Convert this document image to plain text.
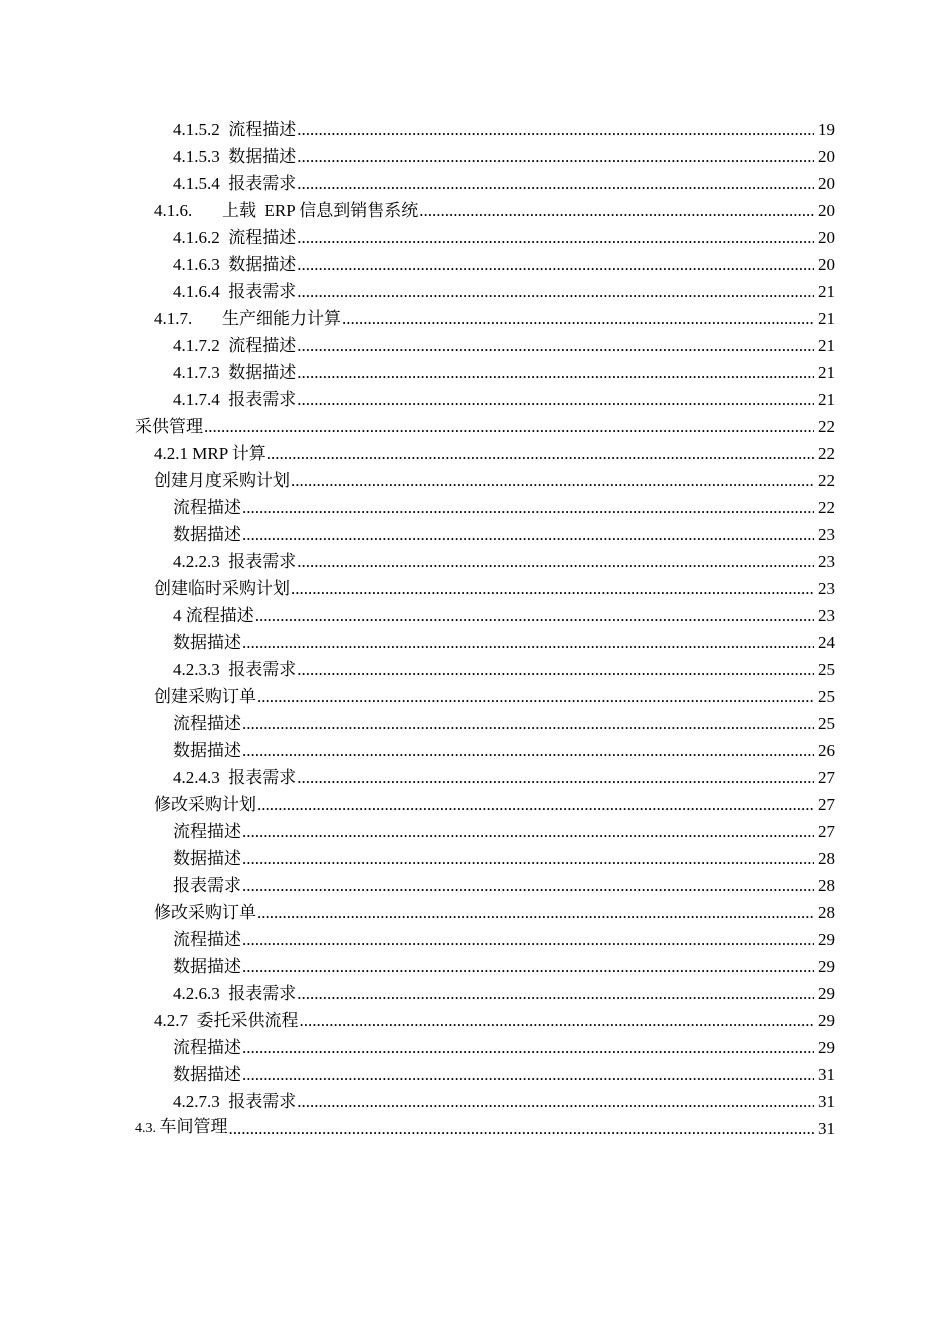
4.1.5.2  流程描述 .....	19
4.1.5.3  数据描述 .....	20
4.1.5.4  报表需求 .....	20
4.1.6.       上载  ERP 信息到销售系统 .....	20
4.1.6.2  流程描述 .....	20
4.1.6.3  数据描述 .....	20
4.1.6.4  报表需求 .....	21
4.1.7.       生产细能力计算 .....	21
4.1.7.2  流程描述 .....	21
4.1.7.3  数据描述 .....	21
4.1.7.4  报表需求 .....	21
采供管理 .....	22
4.2.1 MRP 计算 .....	22
创建月度采购计划 .....	22
流程描述 .....	22
数据描述 .....	23
4.2.2.3  报表需求 .....	23
创建临时采购计划 .....	23
4 流程描述 .....	23
数据描述 .....	24
4.2.3.3  报表需求 .....	25
创建采购订单 .....	25
流程描述 .....	25
数据描述 .....	26
4.2.4.3  报表需求 .....	27
修改采购计划 .....	27
流程描述 .....	27
数据描述 .....	28
报表需求 .....	28
修改采购订单 .....	28
流程描述 .....	29
数据描述 .....	29
4.2.6.3  报表需求 .....	29
4.2.7  委托采供流程 .....	29
流程描述 .....	29
数据描述 .....	31
4.2.7.3  报表需求 .....	31
4.3. 车间管理 .....	31
